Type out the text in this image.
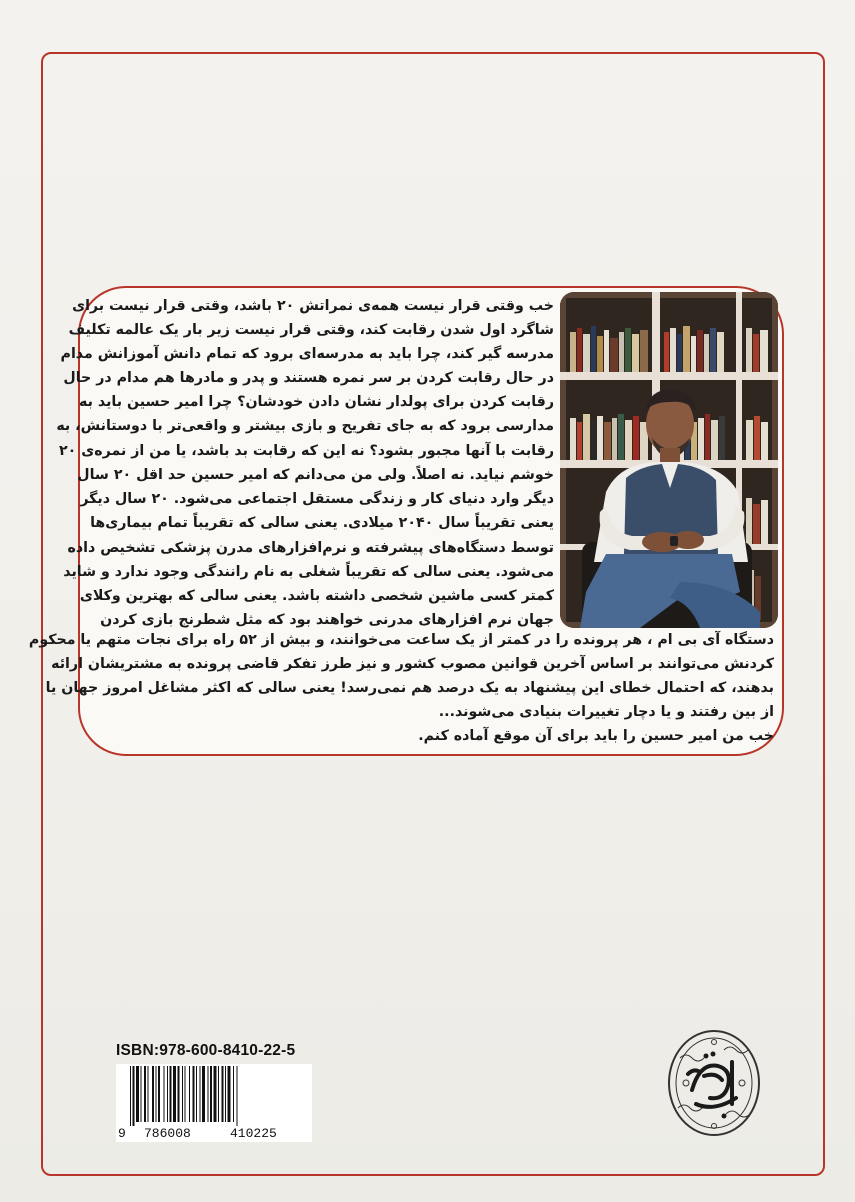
خب وقتی قرار نیست همه‌ی نمراتش ۲۰ باشد، وقتی قرار نیست برای
شاگرد اول شدن رقابت کند، وقتی قرار نیست زیر بار یک عالمه تکلیف
مدرسه گیر کند، چرا باید به مدرسه‌ای برود که تمام دانش آموزانش مدام
در حال رقابت کردن بر سر نمره هستند و پدر و مادرها هم مدام در حال
رقابت کردن برای پولدار نشان دادن خودشان؟ چرا امیر حسین باید به
مدارسی برود که به جای تفریح و بازی بیشتر و واقعی‌تر با دوستانش، به
رقابت با آنها مجبور بشود؟ نه این که رقابت بد باشد، یا من از نمره‌ی ۲۰
خوشم نیاید. نه اصلاً. ولی من می‌دانم که امیر حسین حد اقل ۲۰ سال
دیگر وارد دنیای کار و زندگی مستقل اجتماعی می‌شود. ۲۰ سال دیگر
یعنی تقریباً سال ۲۰۴۰ میلادی. یعنی سالی که تقریباً تمام بیماری‌ها
توسط دستگاه‌های پیشرفته و نرم‌افزارهای مدرن پزشکی تشخیص داده
می‌شود. یعنی سالی که تقریباً شغلی به نام رانندگی وجود ندارد و شاید
کمتر کسی ماشین شخصی داشته باشد. یعنی سالی که بهترین وکلای
جهان نرم افزارهای مدرنی خواهند بود که مثل شطرنج بازی کردن
دستگاه آی بی ام ، هر پرونده را در کمتر از یک ساعت می‌خوانند، و بیش از ۵۲ راه برای نجات متهم یا محکوم
کردنش می‌توانند بر اساس آخرین قوانین مصوب کشور و نیز طرز تفکر قاضی پرونده به مشتریشان ارائه
بدهند، که احتمال خطای این پیشنهاد به یک درصد هم نمی‌رسد! یعنی سالی که اکثر مشاغل امروز جهان یا
از بین رفتند و یا دچار تغییرات بنیادی می‌شوند...
خب من امیر حسین را باید برای آن موقع آماده کنم.
ISBN:978-600-8410-22-5
9 786008	410225
